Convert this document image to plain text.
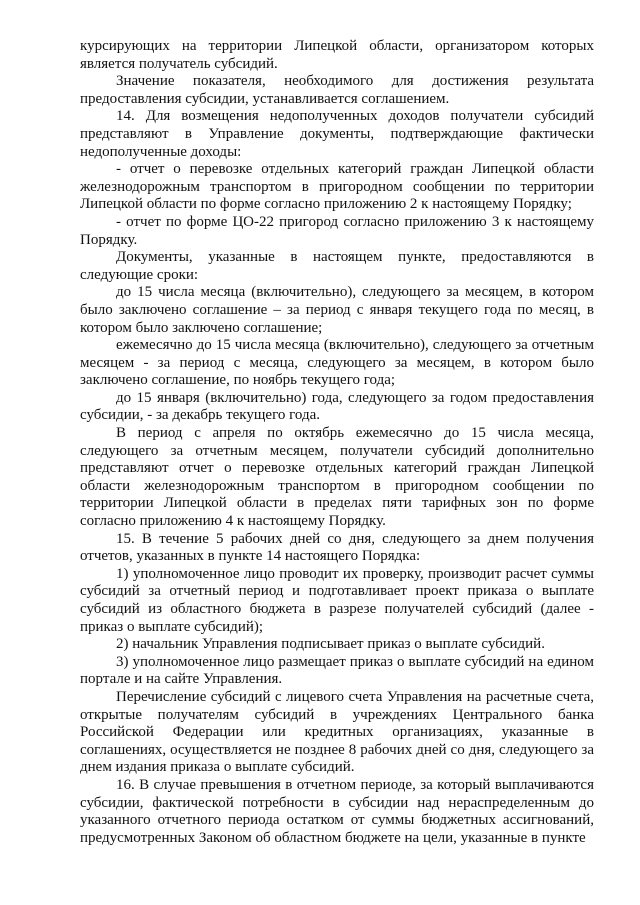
курсирующих на территории Липецкой области, организатором которых является получатель субсидий.

Значение показателя, необходимого для достижения результата предоставления субсидии, устанавливается соглашением.

14. Для возмещения недополученных доходов получатели субсидий представляют в Управление документы, подтверждающие фактически недополученные доходы:

- отчет о перевозке отдельных категорий граждан Липецкой области железнодорожным транспортом в пригородном сообщении по территории Липецкой области по форме согласно приложению 2 к настоящему Порядку;

- отчет по форме ЦО-22 пригород согласно приложению 3 к настоящему Порядку.

Документы, указанные в настоящем пункте, предоставляются в следующие сроки:

до 15 числа месяца (включительно), следующего за месяцем, в котором было заключено соглашение – за период с января текущего года по месяц, в котором было заключено соглашение;

ежемесячно до 15 числа месяца (включительно), следующего за отчетным месяцем - за период с месяца, следующего за месяцем, в котором было заключено соглашение, по ноябрь текущего года;

до 15 января (включительно) года, следующего за годом предоставления субсидии, - за декабрь текущего года.

В период с апреля по октябрь ежемесячно до 15 числа месяца, следующего за отчетным месяцем, получатели субсидий дополнительно представляют отчет о перевозке отдельных категорий граждан Липецкой области железнодорожным транспортом в пригородном сообщении по территории Липецкой области в пределах пяти тарифных зон по форме согласно приложению 4 к настоящему Порядку.

15. В течение 5 рабочих дней со дня, следующего за днем получения отчетов, указанных в пункте 14 настоящего Порядка:

1) уполномоченное лицо проводит их проверку, производит расчет суммы субсидий за отчетный период и подготавливает проект приказа о выплате субсидий из областного бюджета в разрезе получателей субсидий (далее - приказ о выплате субсидий);

2) начальник Управления подписывает приказ о выплате субсидий.

3) уполномоченное лицо размещает приказ о выплате субсидий на едином портале и на сайте Управления.

Перечисление субсидий с лицевого счета Управления на расчетные счета, открытые получателям субсидий в учреждениях Центрального банка Российской Федерации или кредитных организациях, указанные в соглашениях, осуществляется не позднее 8 рабочих дней со дня, следующего за днем издания приказа о выплате субсидий.

16. В случае превышения в отчетном периоде, за который выплачиваются субсидии, фактической потребности в субсидии над нераспределенным до указанного отчетного периода остатком от суммы бюджетных ассигнований, предусмотренных Законом об областном бюджете на цели, указанные в пункте
